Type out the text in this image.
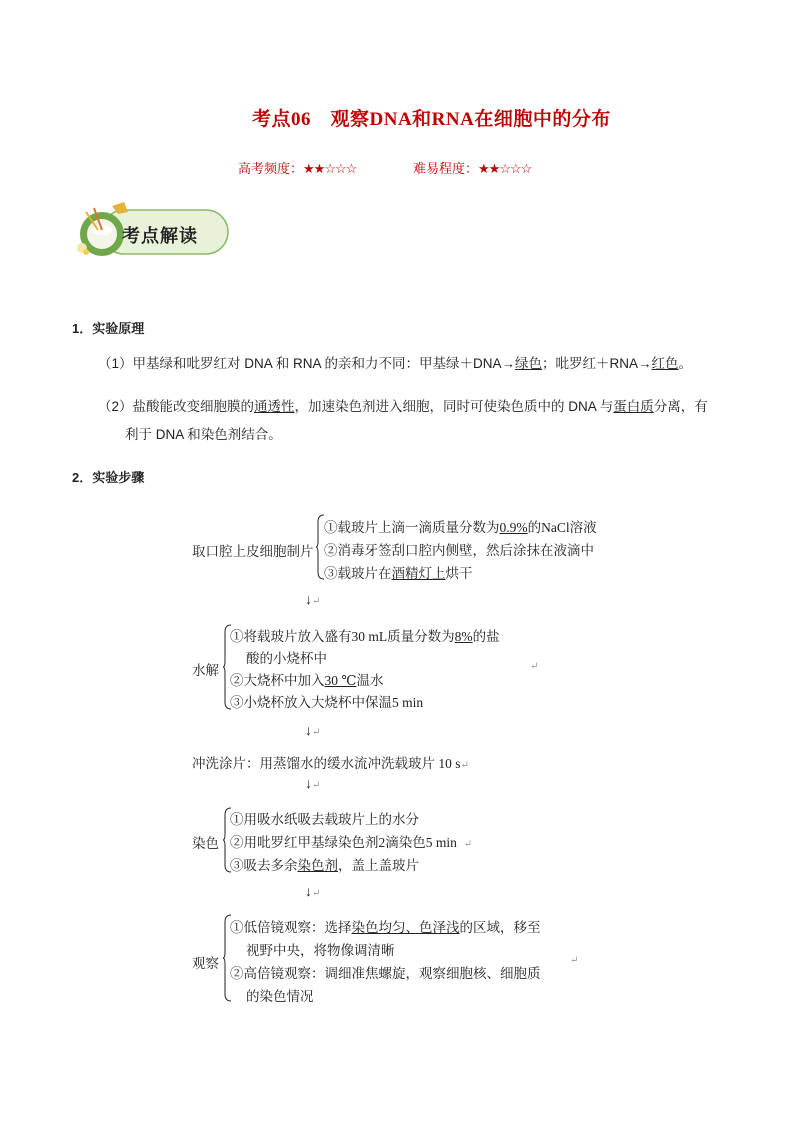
考点06　观察DNA和RNA在细胞中的分布
高考频度：★★☆☆☆	难易程度：★★☆☆☆
考点解读
1．实验原理
（1）甲基绿和吡罗红对 DNA 和 RNA 的亲和力不同：甲基绿＋DNA→绿色；吡罗红＋RNA→红色。
（2）盐酸能改变细胞膜的通透性，加速染色剂进入细胞，同时可使染色质中的 DNA 与蛋白质分离，有
利于 DNA 和染色剂结合。
2．实验步骤
取口腔上皮细胞制片
①载玻片上滴一滴质量分数为0.9%的NaCl溶液
②消毒牙签刮口腔内侧壁，然后涂抹在液滴中
③载玻片在酒精灯上烘干
↓↵
水解
①将载玻片放入盛有30 mL质量分数为8%的盐
酸的小烧杯中
②大烧杯中加入30 ℃温水
③小烧杯放入大烧杯中保温5 min
↵
↓↵
冲洗涂片：用蒸馏水的缓水流冲洗载玻片 10 s↵
↓↵
染色
①用吸水纸吸去载玻片上的水分
②用吡罗红甲基绿染色剂2滴染色5 min ↵
③吸去多余染色剂，盖上盖玻片
↓↵
观察
①低倍镜观察：选择染色均匀、色泽浅的区域，移至
视野中央，将物像调清晰
②高倍镜观察：调细准焦螺旋，观察细胞核、细胞质
的染色情况
↵
